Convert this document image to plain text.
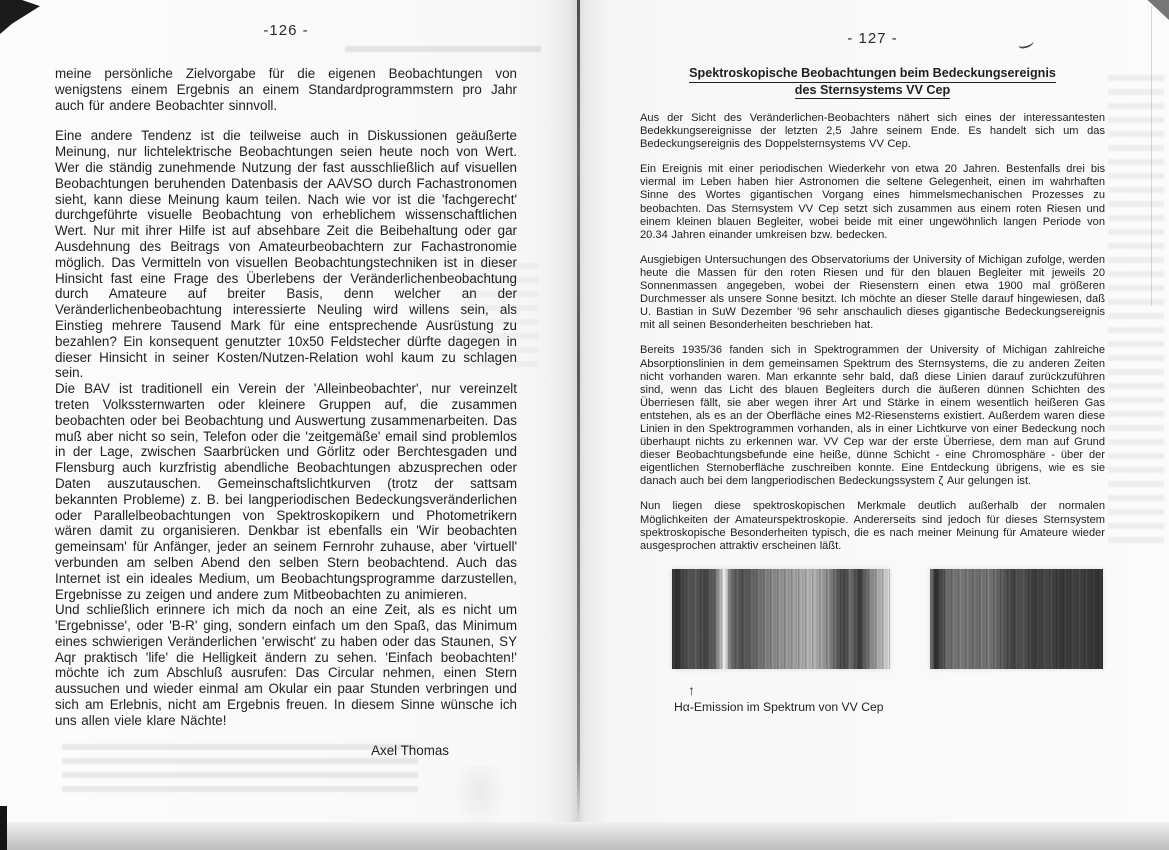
-126 -

meine persönliche Zielvorgabe für die eigenen Beobachtungen von wenigstens einem Ergebnis an einem Standardprogrammstern pro Jahr auch für andere Beobachter sinnvoll.

Eine andere Tendenz ist die teilweise auch in Diskussionen geäußerte Meinung, nur lichtelektrische Beobachtungen seien heute noch von Wert. Wer die ständig zunehmende Nutzung der fast ausschließlich auf visuellen Beobachtungen beruhenden Datenbasis der AAVSO durch Fachastronomen sieht, kann diese Meinung kaum teilen. Nach wie vor ist die 'fachgerecht' durchgeführte visuelle Beobachtung von erheblichem wissenschaftlichen Wert. Nur mit ihrer Hilfe ist auf absehbare Zeit die Beibehaltung oder gar Ausdehnung des Beitrags von Amateurbeobachtern zur Fachastronomie möglich. Das Vermitteln von visuellen Beobachtungstechniken ist in dieser Hinsicht fast eine Frage des Überlebens der Veränderlichenbeobachtung durch Amateure auf breiter Basis, denn welcher an der Veränderlichenbeobachtung interessierte Neuling wird willens sein, als Einstieg mehrere Tausend Mark für eine entsprechende Ausrüstung zu bezahlen? Ein konsequent genutzter 10x50 Feldstecher dürfte dagegen in dieser Hinsicht in seiner Kosten/Nutzen-Relation wohl kaum zu schlagen sein.

Die BAV ist traditionell ein Verein der 'Alleinbeobachter', nur vereinzelt treten Volkssternwarten oder kleinere Gruppen auf, die zusammen beobachten oder bei Beobachtung und Auswertung zusammenarbeiten. Das muß aber nicht so sein, Telefon oder die 'zeitgemäße' email sind problemlos in der Lage, zwischen Saarbrücken und Görlitz oder Berchtesgaden und Flensburg auch kurzfristig abendliche Beobachtungen abzusprechen oder Daten auszutauschen. Gemeinschaftslichtkurven (trotz der sattsam bekannten Probleme) z. B. bei langperiodischen Bedeckungsveränderlichen oder Parallelbeobachtungen von Spektroskopikern und Photometrikern wären damit zu organisieren. Denkbar ist ebenfalls ein 'Wir beobachten gemeinsam' für Anfänger, jeder an seinem Fernrohr zuhause, aber 'virtuell' verbunden am selben Abend den selben Stern beobachtend. Auch das Internet ist ein ideales Medium, um Beobachtungsprogramme darzustellen, Ergebnisse zu zeigen und andere zum Mitbeobachten zu animieren.

Und schließlich erinnere ich mich da noch an eine Zeit, als es nicht um 'Ergebnisse', oder 'B-R' ging, sondern einfach um den Spaß, das Minimum eines schwierigen Veränderlichen 'erwischt' zu haben oder das Staunen, SY Aqr praktisch 'life' die Helligkeit ändern zu sehen. 'Einfach beobachten!' möchte ich zum Abschluß ausrufen: Das Circular nehmen, einen Stern aussuchen und wieder einmal am Okular ein paar Stunden verbringen und sich am Erlebnis, nicht am Ergebnis freuen. In diesem Sinne wünsche ich uns allen viele klare Nächte!

Axel Thomas
- 127 -
Spektroskopische Beobachtungen beim Bedeckungsereignis
des Sternsystems VV Cep

Aus der Sicht des Veränderlichen-Beobachters nähert sich eines der interessantesten Bedekkungsereignisse der letzten 2,5 Jahre seinem Ende. Es handelt sich um das Bedeckungsereignis des Doppelsternsystems VV Cep.

Ein Ereignis mit einer periodischen Wiederkehr von etwa 20 Jahren. Bestenfalls drei bis viermal im Leben haben hier Astronomen die seltene Gelegenheit, einen im wahrhaften Sinne des Wortes gigantischen Vorgang eines himmelsmechanischen Prozesses zu beobachten. Das Sternsystem VV Cep setzt sich zusammen aus einem roten Riesen und einem kleinen blauen Begleiter, wobei beide mit einer ungewöhnlich langen Periode von 20.34 Jahren einander umkreisen bzw. bedecken.

Ausgiebigen Untersuchungen des Observatoriums der University of Michigan zufolge, werden heute die Massen für den roten Riesen und für den blauen Begleiter mit jeweils 20 Sonnenmassen angegeben, wobei der Riesenstern einen etwa 1900 mal größeren Durchmesser als unsere Sonne besitzt. Ich möchte an dieser Stelle darauf hingewiesen, daß U. Bastian in SuW Dezember '96 sehr anschaulich dieses gigantische Bedeckungsereignis mit all seinen Besonderheiten beschrieben hat.

Bereits 1935/36 fanden sich in Spektrogrammen der University of Michigan zahlreiche Absorptionslinien in dem gemeinsamen Spektrum des Sternsystems, die zu anderen Zeiten nicht vorhanden waren. Man erkannte sehr bald, daß diese Linien darauf zurückzuführen sind, wenn das Licht des blauen Begleiters durch die äußeren dünnen Schichten des Überriesen fällt, sie aber wegen ihrer Art und Stärke in einem wesentlich heißeren Gas entstehen, als es an der Oberfläche eines M2-Riesensterns existiert. Außerdem waren diese Linien in den Spektrogrammen vorhanden, als in einer Lichtkurve von einer Bedeckung noch überhaupt nichts zu erkennen war. VV Cep war der erste Überriese, dem man auf Grund dieser Beobachtungsbefunde eine heiße, dünne Schicht - eine Chromosphäre - über der eigentlichen Sternoberfläche zuschreiben konnte. Eine Entdeckung übrigens, wie es sie danach auch bei dem langperiodischen Bedeckungssystem ζ Aur gelungen ist.

Nun liegen diese spektroskopischen Merkmale deutlich außerhalb der normalen Möglichkeiten der Amateurspektroskopie. Andererseits sind jedoch für dieses Sternsystem spektroskopische Besonderheiten typisch, die es nach meiner Meinung für Amateure wieder ausgesprochen attraktiv erscheinen läßt.

↑
Hα-Emission im Spektrum von VV Cep
